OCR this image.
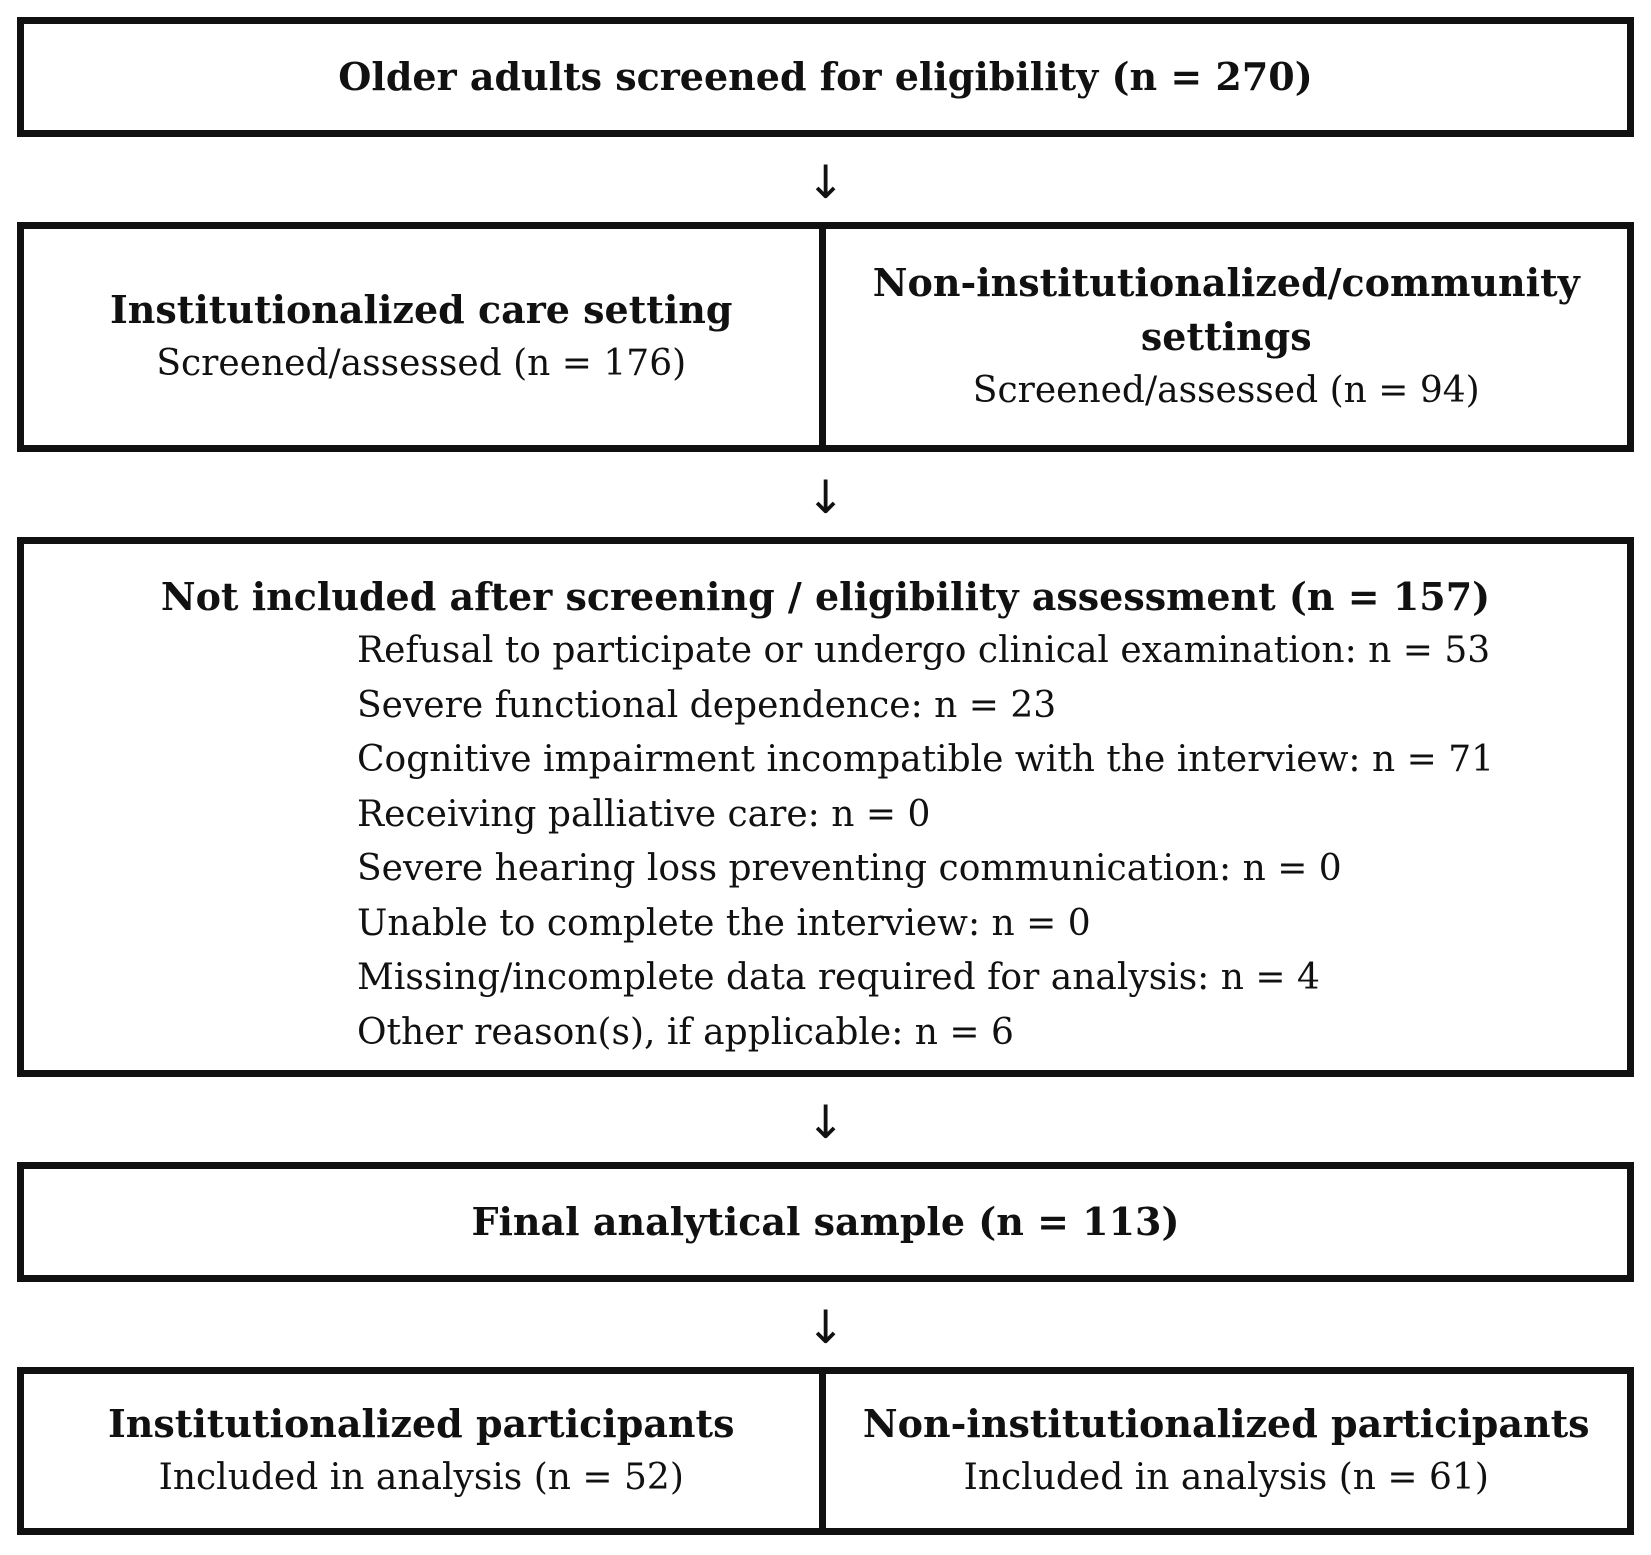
Older adults screened for eligibility (n = 270)
↓
Institutionalized care setting
Screened/assessed (n = 176)
Non-institutionalized/community
settings
Screened/assessed (n = 94)
↓
Not included after screening / eligibility assessment (n = 157)
Refusal to participate or undergo clinical examination: n = 53
Severe functional dependence: n = 23
Cognitive impairment incompatible with the interview: n = 71
Receiving palliative care: n = 0
Severe hearing loss preventing communication: n = 0
Unable to complete the interview: n = 0
Missing/incomplete data required for analysis: n = 4
Other reason(s), if applicable: n = 6
↓
Final analytical sample (n = 113)
↓
Institutionalized participants
Included in analysis (n = 52)
Non-institutionalized participants
Included in analysis (n = 61)
